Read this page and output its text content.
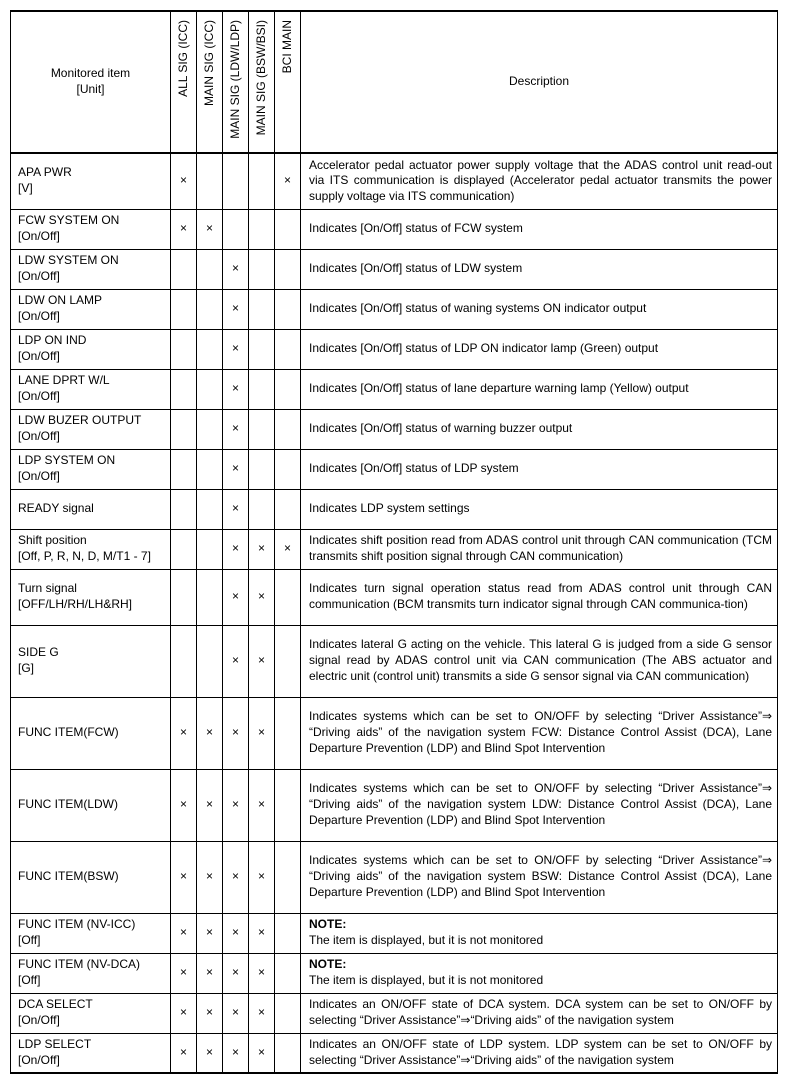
Monitored item
[Unit]	ALL SIG (ICC)	MAIN SIG (ICC)	MAIN SIG (LDW/LDP)	MAIN SIG (BSW/BSI)	BCI MAIN	Description

APA PWR
[V]	×				×	Accelerator pedal actuator power supply voltage that the ADAS control unit read-out via ITS communication is displayed (Accelerator pedal actuator transmits the power supply voltage via ITS communication)

FCW SYSTEM ON
[On/Off]	×	×				Indicates [On/Off] status of FCW system

LDW SYSTEM ON
[On/Off]			×			Indicates [On/Off] status of LDW system

LDW ON LAMP
[On/Off]			×			Indicates [On/Off] status of waning systems ON indicator output

LDP ON IND
[On/Off]			×			Indicates [On/Off] status of LDP ON indicator lamp (Green) output

LANE DPRT W/L
[On/Off]			×			Indicates [On/Off] status of lane departure warning lamp (Yellow) output

LDW BUZER OUTPUT
[On/Off]			×			Indicates [On/Off] status of warning buzzer output

LDP SYSTEM ON
[On/Off]			×			Indicates [On/Off] status of LDP system

READY signal			×			Indicates LDP system settings

Shift position
[Off, P, R, N, D, M/T1 - 7]			×	×	×	Indicates shift position read from ADAS control unit through CAN communication (TCM transmits shift position signal through CAN communication)

Turn signal
[OFF/LH/RH/LH&RH]			×	×		Indicates turn signal operation status read from ADAS control unit through CAN communication (BCM transmits turn indicator signal through CAN communica-tion)

SIDE G
[G]			×	×		Indicates lateral G acting on the vehicle. This lateral G is judged from a side G sensor signal read by ADAS control unit via CAN communication (The ABS actuator and electric unit (control unit) transmits a side G sensor signal via CAN communication)

FUNC ITEM(FCW)	×	×	×	×		Indicates systems which can be set to ON/OFF by selecting “Driver Assistance”⇒ “Driving aids” of the navigation system FCW: Distance Control Assist (DCA), Lane Departure Prevention (LDP) and Blind Spot Intervention

FUNC ITEM(LDW)	×	×	×	×		Indicates systems which can be set to ON/OFF by selecting “Driver Assistance”⇒ “Driving aids” of the navigation system LDW: Distance Control Assist (DCA), Lane Departure Prevention (LDP) and Blind Spot Intervention

FUNC ITEM(BSW)	×	×	×	×		Indicates systems which can be set to ON/OFF by selecting “Driver Assistance”⇒ “Driving aids” of the navigation system BSW: Distance Control Assist (DCA), Lane Departure Prevention (LDP) and Blind Spot Intervention

FUNC ITEM (NV-ICC)
[Off]	×	×	×	×		NOTE:
The item is displayed, but it is not monitored

FUNC ITEM (NV-DCA)
[Off]	×	×	×	×		NOTE:
The item is displayed, but it is not monitored

DCA SELECT
[On/Off]	×	×	×	×		Indicates an ON/OFF state of DCA system. DCA system can be set to ON/OFF by selecting “Driver Assistance”⇒“Driving aids” of the navigation system

LDP SELECT
[On/Off]	×	×	×	×		Indicates an ON/OFF state of LDP system. LDP system can be set to ON/OFF by selecting “Driver Assistance”⇒“Driving aids” of the navigation system
